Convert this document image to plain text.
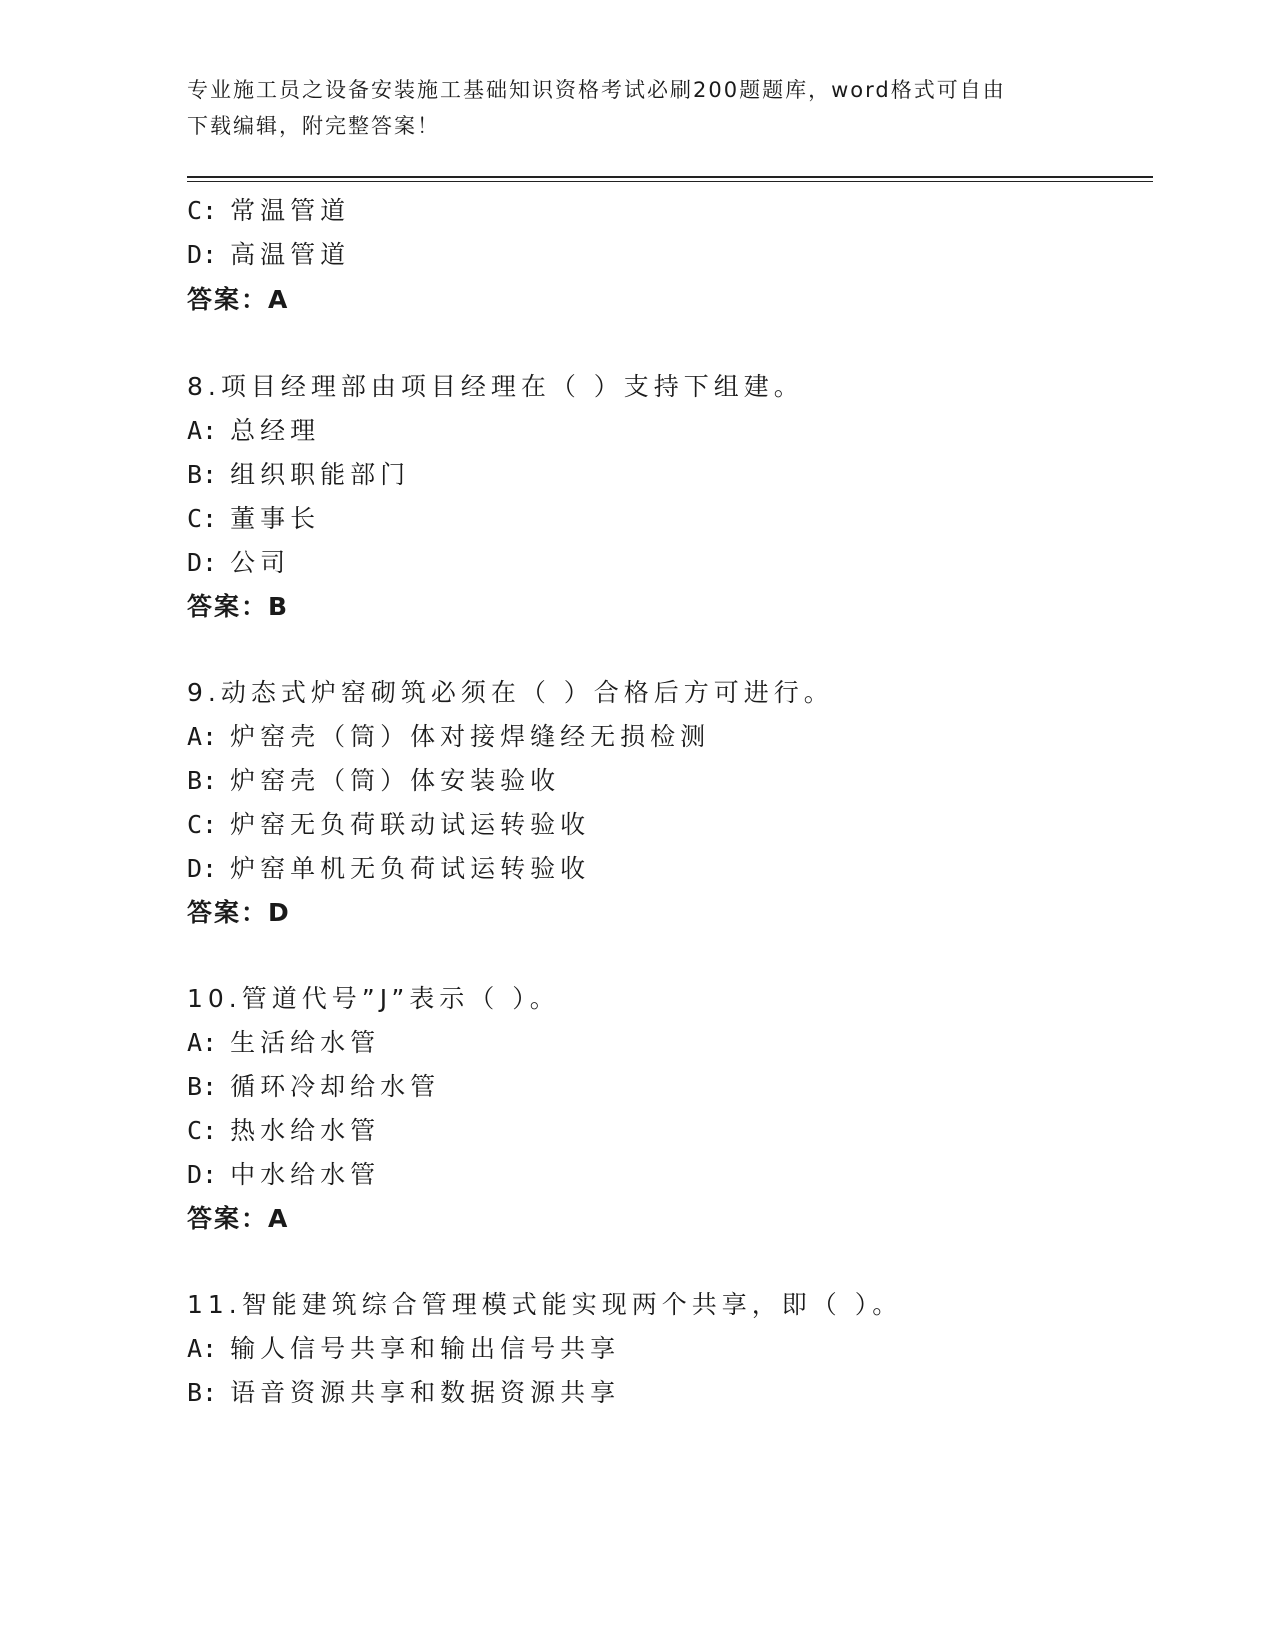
专业施工员之设备安装施工基础知识资格考试必刷200题题库，word格式可自由
下载编辑，附完整答案！
C: 常温管道
D: 高温管道
答案：A
8.项目经理部由项目经理在（ ）支持下组建。
A: 总经理
B: 组织职能部门
C: 董事长
D: 公司
答案：B
9.动态式炉窑砌筑必须在（ ）合格后方可进行。
A: 炉窑壳（筒）体对接焊缝经无损检测
B: 炉窑壳（筒）体安装验收
C: 炉窑无负荷联动试运转验收
D: 炉窑单机无负荷试运转验收
答案：D
10.管道代号”J”表示（ ）。
A: 生活给水管
B: 循环冷却给水管
C: 热水给水管
D: 中水给水管
答案：A
11.智能建筑综合管理模式能实现两个共享，即（ ）。
A: 输人信号共享和输出信号共享
B: 语音资源共享和数据资源共享
